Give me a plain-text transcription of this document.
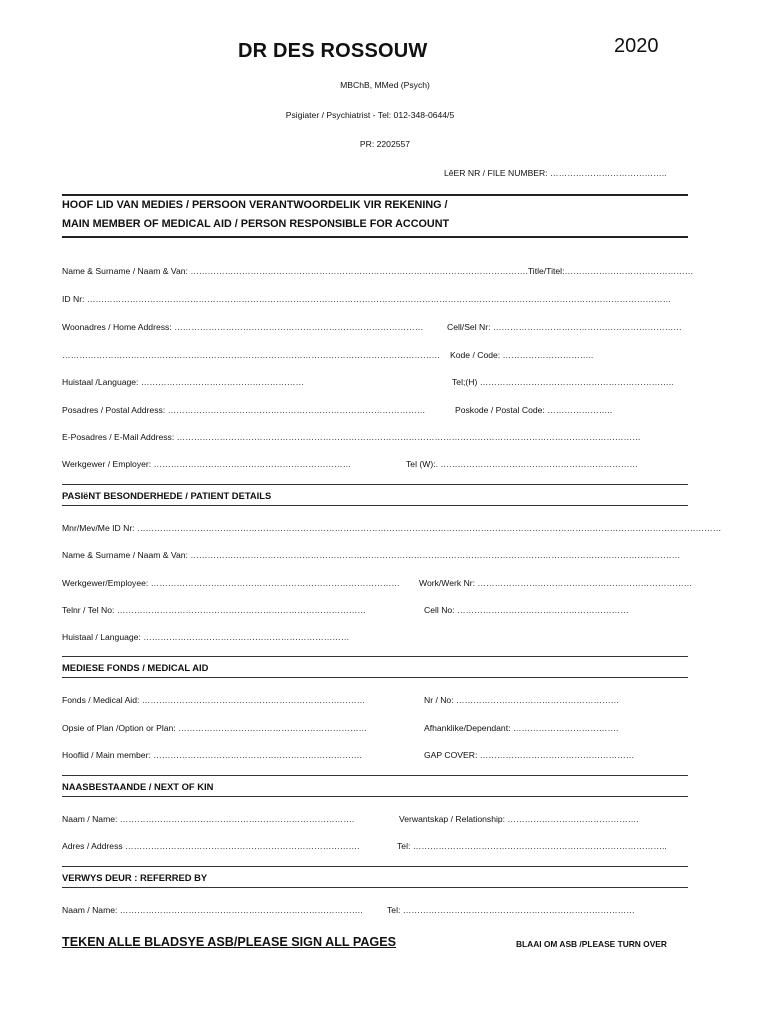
DR DES ROSSOUW	2020
MBChB, MMed (Psych)
Psigiater / Psychiatrist - Tel: 012-348-0644/5
PR: 2202557
LêER NR / FILE NUMBER: …………………………………..
HOOF LID VAN MEDIES / PERSOON VERANTWOORDELIK VIR REKENING /
MAIN MEMBER OF MEDICAL AID / PERSON RESPONSIBLE FOR ACCOUNT
Name & Surname / Naam & Van: ……………………………………………………………………………………………………….Title/Titel:………………………………………
ID Nr: ……………………………………………………………………………………………………………………………………………………………………………………
Woonadres / Home Address: ……………………………………………………………………………	Cell/Sel Nr: …………………………………………………………
…………………………………………………………………………………………………………………… Kode / Code: …………………………..
Huistaal /Language: …………………………………………………	Tel;(H) …………………………………………………………..
Posadres / Postal Address: ………………………………………………………………………………	Poskode / Postal Code: …………………..
E-Posadres / E-Mail Address: ………………………………………………………………………………………………………………………………………………
Werkgewer / Employer: ……………………………………………………………	Tel (W):. ……………………………………………………………
PASIëNT BESONDERHEDE / PATIENT DETAILS
Mnr/Mev/Me ID Nr: ……………………………………………………………………………………………………………………………………………………………………………………
Name & Surname / Naam & Van: ………………………………………………………………………………………………………………………………………………………
Werkgewer/Employee: …………………………………………………………………………… Work/Werk Nr: …………………………………………………………………
Telnr / Tel No: ……………………………………………………………………………	Cell No: ……………………………………………………
Huistaal / Language: ………………………………………………………………
MEDIESE FONDS / MEDICAL AID
Fonds / Medical Aid: ……………………………………………………………………	Nr / No: …………………………………………………
Opsie of Plan /Option or Plan: …………………………………………………………	Afhanklike/Dependant: ……………………………….
Hooflid / Main member: ……………………………………………………………….	GAP COVER: ………………………………………………
NAASBESTAANDE / NEXT OF KIN
Naam / Name: ……………………………………………………………………….	Verwantskap / Relationship: ……………………………………….
Adres / Address ……………………………………………………………………….	Tel: ……………………………………………………………………………..
VERWYS DEUR : REFERRED BY
Naam / Name: ………………………………………………………………………….	Tel: ………………………………………………………………………
TEKEN ALLE BLADSYE ASB/PLEASE SIGN ALL PAGES	BLAAI OM ASB /PLEASE TURN OVER
